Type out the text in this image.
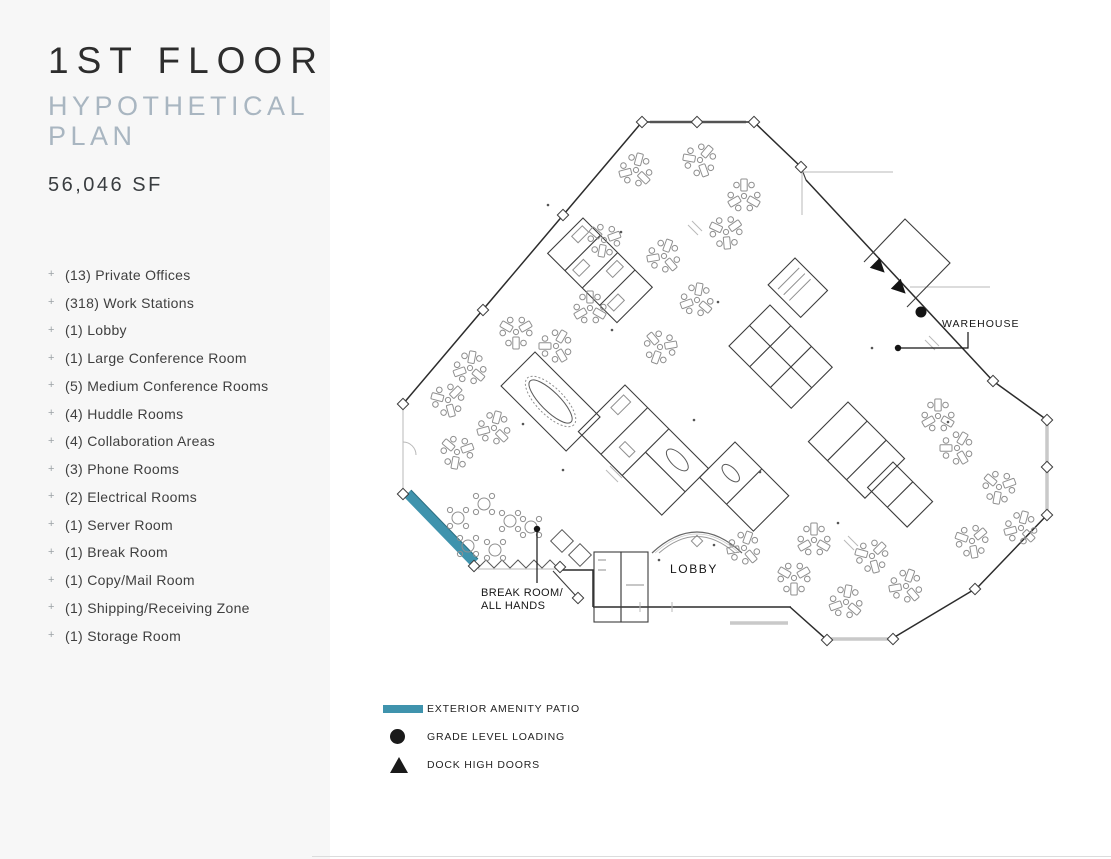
1ST FLOOR
HYPOTHETICAL
PLAN
56,046 SF
+ (13) Private Offices
+ (318) Work Stations
+ (1) Lobby
+ (1) Large Conference Room
+ (5) Medium Conference Rooms
+ (4) Huddle Rooms
+ (4) Collaboration Areas
+ (3) Phone Rooms
+ (2) Electrical Rooms
+ (1) Server Room
+ (1) Break Room
+ (1) Copy/Mail Room
+ (1) Shipping/Receiving Zone
+ (1) Storage Room
WAREHOUSE
LOBBY
BREAK ROOM/
ALL HANDS
EXTERIOR AMENITY PATIO
GRADE LEVEL LOADING
DOCK HIGH DOORS
